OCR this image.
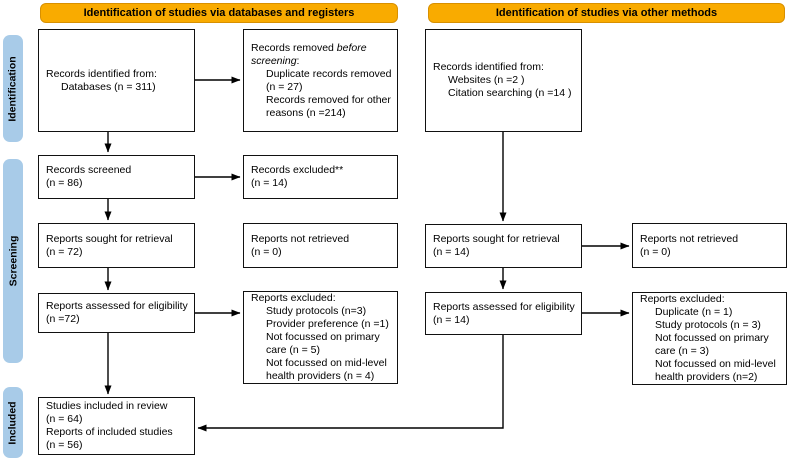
Identification of studies via databases and registers	Identification of studies via other methods
Identification
Screening
Included
Records identified from:
Databases (n = 311)
Records removed before screening:
Duplicate records removed (n = 27)
Records removed for other reasons (n =214)
Records identified from:
Websites (n =2 )
Citation searching (n =14 )
Records screened
(n = 86)
Records excluded**
(n = 14)
Reports sought for retrieval
(n = 72)
Reports not retrieved
(n = 0)
Reports sought for retrieval
(n = 14)
Reports not retrieved
(n = 0)
Reports assessed for eligibility
(n =72)
Reports excluded:
Study protocols (n=3)
Provider preference (n =1)
Not focussed on primary care (n = 5)
Not focussed on mid-level health providers (n = 4)
Reports assessed for eligibility
(n = 14)
Reports excluded:
Duplicate (n = 1)
Study protocols (n = 3)
Not focussed on primary care (n = 3)
Not focussed on mid-level health providers (n=2)
Studies included in review
(n = 64)
Reports of included studies
(n = 56)
